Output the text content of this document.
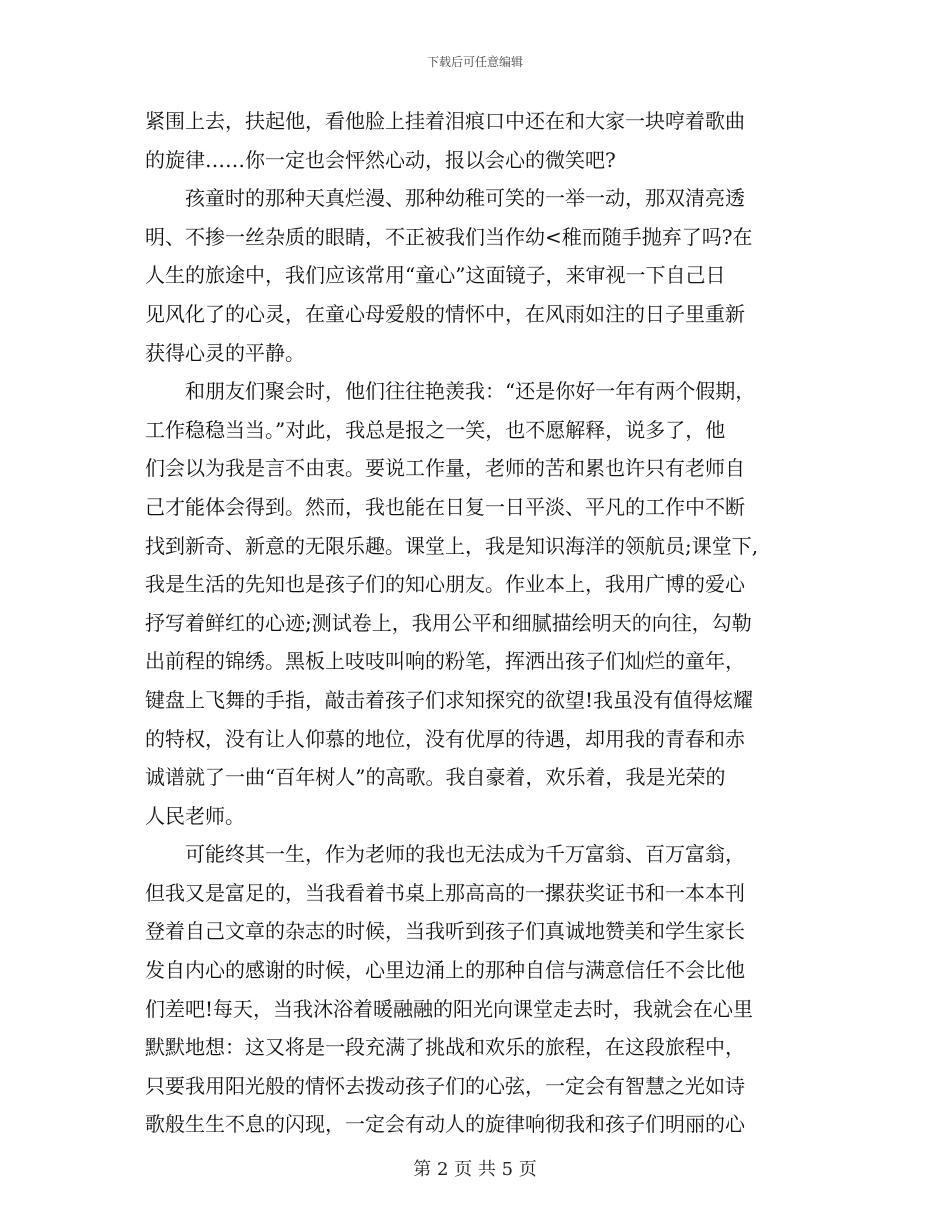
下载后可任意编辑
紧围上去，扶起他，看他脸上挂着泪痕口中还在和大家一块哼着歌曲
的旋律……你一定也会怦然心动，报以会心的微笑吧?
孩童时的那种天真烂漫、那种幼稚可笑的一举一动，那双清亮透
明、不掺一丝杂质的眼睛，不正被我们当作幼<稚而随手抛弃了吗?在
人生的旅途中，我们应该常用“童心”这面镜子，来审视一下自己日
见风化了的心灵，在童心母爱般的情怀中，在风雨如注的日子里重新
获得心灵的平静。
和朋友们聚会时，他们往往艳羡我：“还是你好一年有两个假期，
工作稳稳当当。”对此，我总是报之一笑，也不愿解释，说多了，他
们会以为我是言不由衷。要说工作量，老师的苦和累也许只有老师自
己才能体会得到。然而，我也能在日复一日平淡、平凡的工作中不断
找到新奇、新意的无限乐趣。课堂上，我是知识海洋的领航员;课堂下,
我是生活的先知也是孩子们的知心朋友。作业本上，我用广博的爱心
抒写着鲜红的心迹;测试卷上，我用公平和细腻描绘明天的向往，勾勒
出前程的锦绣。黑板上吱吱叫响的粉笔，挥洒出孩子们灿烂的童年，
键盘上飞舞的手指，敲击着孩子们求知探究的欲望!我虽没有值得炫耀
的特权，没有让人仰慕的地位，没有优厚的待遇，却用我的青春和赤
诚谱就了一曲“百年树人”的高歌。我自豪着，欢乐着，我是光荣的
人民老师。
可能终其一生，作为老师的我也无法成为千万富翁、百万富翁，
但我又是富足的，当我看着书桌上那高高的一摞获奖证书和一本本刊
登着自己文章的杂志的时候，当我听到孩子们真诚地赞美和学生家长
发自内心的感谢的时候，心里边涌上的那种自信与满意信任不会比他
们差吧!每天，当我沐浴着暖融融的阳光向课堂走去时，我就会在心里
默默地想：这又将是一段充满了挑战和欢乐的旅程，在这段旅程中，
只要我用阳光般的情怀去拨动孩子们的心弦，一定会有智慧之光如诗
歌般生生不息的闪现，一定会有动人的旋律响彻我和孩子们明丽的心
第 2 页 共 5 页
